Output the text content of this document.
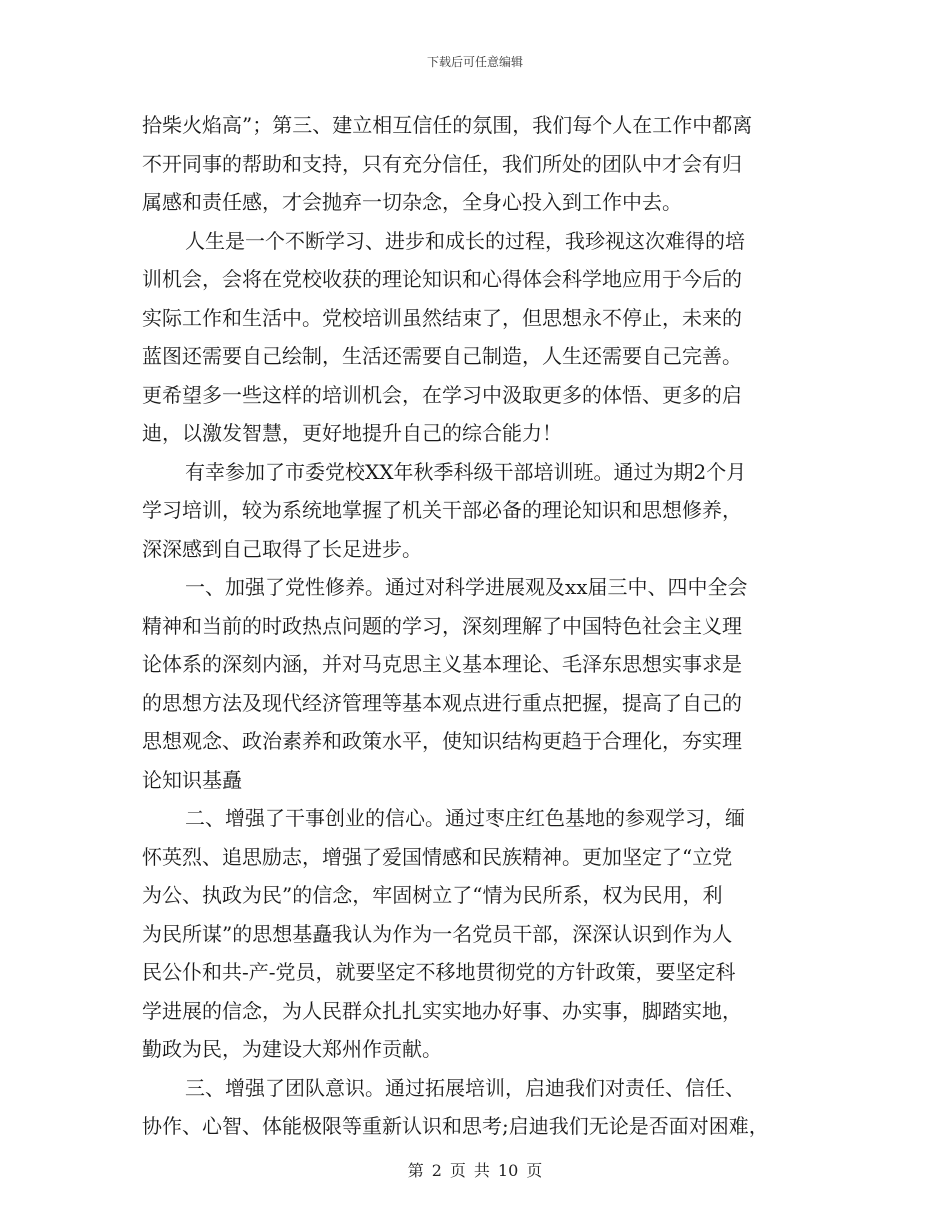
下载后可任意编辑
拾柴火焰高”；第三、建立相互信任的氛围，我们每个人在工作中都离
不开同事的帮助和支持，只有充分信任，我们所处的团队中才会有归
属感和责任感，才会抛弃一切杂念，全身心投入到工作中去。
人生是一个不断学习、进步和成长的过程，我珍视这次难得的培
训机会，会将在党校收获的理论知识和心得体会科学地应用于今后的
实际工作和生活中。党校培训虽然结束了，但思想永不停止，未来的
蓝图还需要自己绘制，生活还需要自己制造，人生还需要自己完善。
更希望多一些这样的培训机会，在学习中汲取更多的体悟、更多的启
迪，以激发智慧，更好地提升自己的综合能力！
有幸参加了市委党校XX年秋季科级干部培训班。通过为期2个月
学习培训，较为系统地掌握了机关干部必备的理论知识和思想修养，
深深感到自己取得了长足进步。
一、加强了党性修养。通过对科学进展观及xx届三中、四中全会
精神和当前的时政热点问题的学习，深刻理解了中国特色社会主义理
论体系的深刻内涵，并对马克思主义基本理论、毛泽东思想实事求是
的思想方法及现代经济管理等基本观点进行重点把握，提高了自己的
思想观念、政治素养和政策水平，使知识结构更趋于合理化，夯实理
论知识基矗
二、增强了干事创业的信心。通过枣庄红色基地的参观学习，缅
怀英烈、追思励志，增强了爱国情感和民族精神。更加坚定了“立党
为公、执政为民”的信念，牢固树立了“情为民所系，权为民用，利
为民所谋”的思想基矗我认为作为一名党员干部，深深认识到作为人
民公仆和共-产-党员，就要坚定不移地贯彻党的方针政策，要坚定科
学进展的信念，为人民群众扎扎实实地办好事、办实事，脚踏实地，
勤政为民，为建设大郑州作贡献。
三、增强了团队意识。通过拓展培训，启迪我们对责任、信任、
协作、心智、体能极限等重新认识和思考;启迪我们无论是否面对困难，
第 2 页 共 10 页
